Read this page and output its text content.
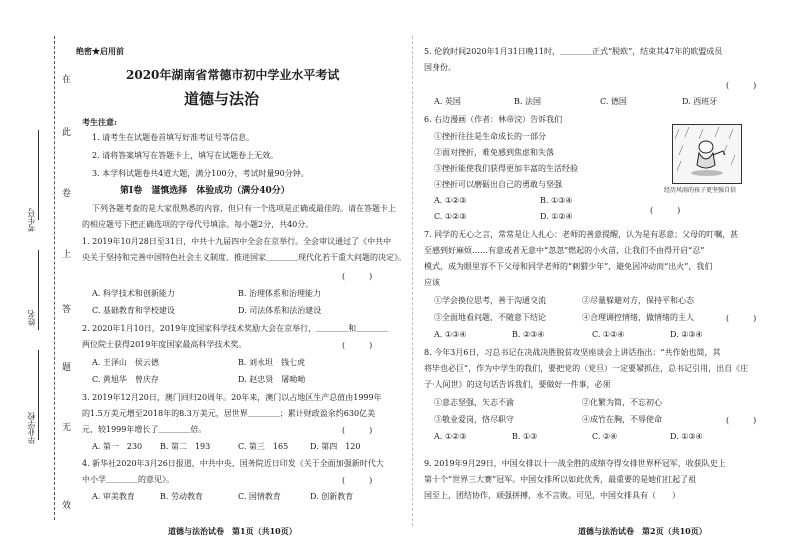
在
此
卷
上
答
题
无
效
考生号
姓名
毕业学校
绝密★启用前
2020年湖南省常德市初中学业水平考试
道德与法治
考生注意:
1. 请考生在试题卷首填写好准考证号等信息。
2. 请将答案填写在答题卡上，填写在试题卷上无效。
3. 本学科试题卷共4道大题，满分100分，考试时量90分钟。
第Ⅰ卷　谨慎选择　体验成功（满分40分）
下列各题考查的是大家很熟悉的内容，但只有一个选项是正确或最佳的。请在答题卡上
的相应题号下把正确选项的字母代号填涂。每小题2分，共40分。
1. 2019年10月28日至31日，中共十九届四中全会在京举行。全会审议通过了《中共中
央关于坚持和完善中国特色社会主义制度、推进国家＿＿＿＿现代化若干重大问题的决定》。
(　　　)
A. 科学技术和创新能力	B. 治理体系和治理能力
C. 基础教育和学校建设	D. 司法体系和法治建设
2. 2020年1月10日，2019年度国家科学技术奖励大会在京举行，＿＿＿＿和＿＿＿＿
两位院士获得2019年度国家最高科学技术奖。	(　　　)
A. 王泽山　侯云德	B. 刘永坦　钱七虎
C. 黄旭华　曾庆存	D. 赵忠贤　屠呦呦
3. 2019年12月20日，澳门回归20周年。20年来，澳门以占地区生产总值由1999年
的1.5万美元增至2018年的8.3万美元，居世界＿＿＿＿；累计财政盈余约630亿美
元，较1999年增长了＿＿＿＿倍。	(　　　)
A. 第一　230 B. 第二　193	C. 第三　165	D. 第四　120
4. 新华社2020年3月26日报道，中共中央、国务院近日印发《关于全面加强新时代大
中小学＿＿＿＿的意见》。	(　　　)
A. 审美教育	B. 劳动教育	C. 国情教育	D. 创新教育
道德与法治试卷　第1页（共10页）
5. 伦敦时间2020年1月31日晚11时，＿＿＿＿正式“脱欧”，结束其47年的欧盟成员
国身份。
(　　　)
A. 英国	B. 法国	C. 德国	D. 西班牙
6. 右边漫画（作者：林帝浣）告诉我们
①挫折往往是生命成长的一部分
②面对挫折，难免感到焦虑和失落
③挫折能使我们获得更加丰富的生活经验
④挫折可以磨砺出自己的勇敢与坚强
A. ①②③	B. ①③④
C. ①②③	D. ①②④
(　　　)
经历风雨的孩子更坚强自信
7. 同学的无心之言，常常是让人扎心：老师的善意提醒，认为是有恶意；父母的叮嘱，甚
至感到好麻烦……有意或者无意中“忽忽”燃起的小火苗，让我们不由得开启“忍”
模式，成为眼里容不下父母和同学老师的“刺猬少年”，避免因冲动而“出火”，我们
应该
①学会换位思考，善于沟通交流	②尽量躲避对方，保持平和心态
③全面地看问题，不随意下结论	④合理调控情绪，做情绪的主人
A. ①③④	B. ②③④	C. ①②④	D. ②③④
(　　　)
8. 今年3月6日，习总书记在决战决胜脱贫攻坚座谈会上讲话指出：“共作始也简，其
将毕也必巨”，作为中学生的我们，要把党的（党旦）一定要紧抓住，总书记引用，出自《庄
子·人间世》的这句话告诉我们，要做好一件事，必须
①意志坚强，矢志不渝	②化繁为简，不忘初心
③敬业爱岗，恪尽职守	④成竹在胸，不辱使命
A. ①②③	B. ①③	C. ②④	D. ①③④
(　　　)
9. 2019年9月29日，中国女排以十一战全胜的成绩夺得女排世界杯冠军，收获队史上
第十个“世界三大赛”冠军。中国女排所以如此优秀，最重要的是她们扛起了祖
国至上，团结协作，顽强拼搏，永不言败。可见，中国女排具有（　　）
道德与法治试卷　第2页（共10页）
